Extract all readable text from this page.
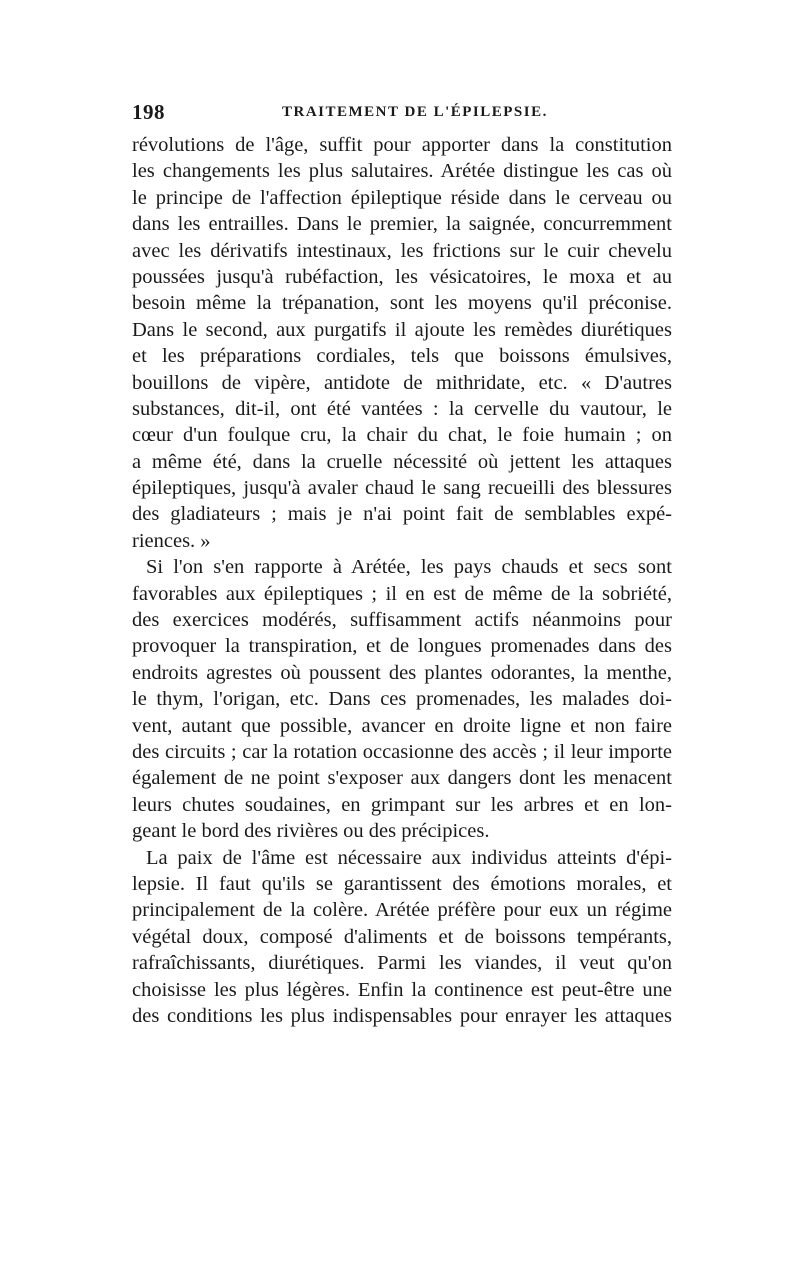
198	TRAITEMENT DE L'ÉPILEPSIE.
révolutions de l'âge, suffit pour apporter dans la constitution
les changements les plus salutaires. Arétée distingue les cas où
le principe de l'affection épileptique réside dans le cerveau ou
dans les entrailles. Dans le premier, la saignée, concurremment
avec les dérivatifs intestinaux, les frictions sur le cuir chevelu
poussées jusqu'à rubéfaction, les vésicatoires, le moxa et au
besoin même la trépanation, sont les moyens qu'il préconise.
Dans le second, aux purgatifs il ajoute les remèdes diurétiques
et les préparations cordiales, tels que boissons émulsives,
bouillons de vipère, antidote de mithridate, etc. « D'autres
substances, dit-il, ont été vantées : la cervelle du vautour, le
cœur d'un foulque cru, la chair du chat, le foie humain ; on
a même été, dans la cruelle nécessité où jettent les attaques
épileptiques, jusqu'à avaler chaud le sang recueilli des blessures
des gladiateurs ; mais je n'ai point fait de semblables expé-
riences. »
Si l'on s'en rapporte à Arétée, les pays chauds et secs sont
favorables aux épileptiques ; il en est de même de la sobriété,
des exercices modérés, suffisamment actifs néanmoins pour
provoquer la transpiration, et de longues promenades dans des
endroits agrestes où poussent des plantes odorantes, la menthe,
le thym, l'origan, etc. Dans ces promenades, les malades doi-
vent, autant que possible, avancer en droite ligne et non faire
des circuits ; car la rotation occasionne des accès ; il leur importe
également de ne point s'exposer aux dangers dont les menacent
leurs chutes soudaines, en grimpant sur les arbres et en lon-
geant le bord des rivières ou des précipices.
La paix de l'âme est nécessaire aux individus atteints d'épi-
lepsie. Il faut qu'ils se garantissent des émotions morales, et
principalement de la colère. Arétée préfère pour eux un régime
végétal doux, composé d'aliments et de boissons tempérants,
rafraîchissants, diurétiques. Parmi les viandes, il veut qu'on
choisisse les plus légères. Enfin la continence est peut-être une
des conditions les plus indispensables pour enrayer les attaques
